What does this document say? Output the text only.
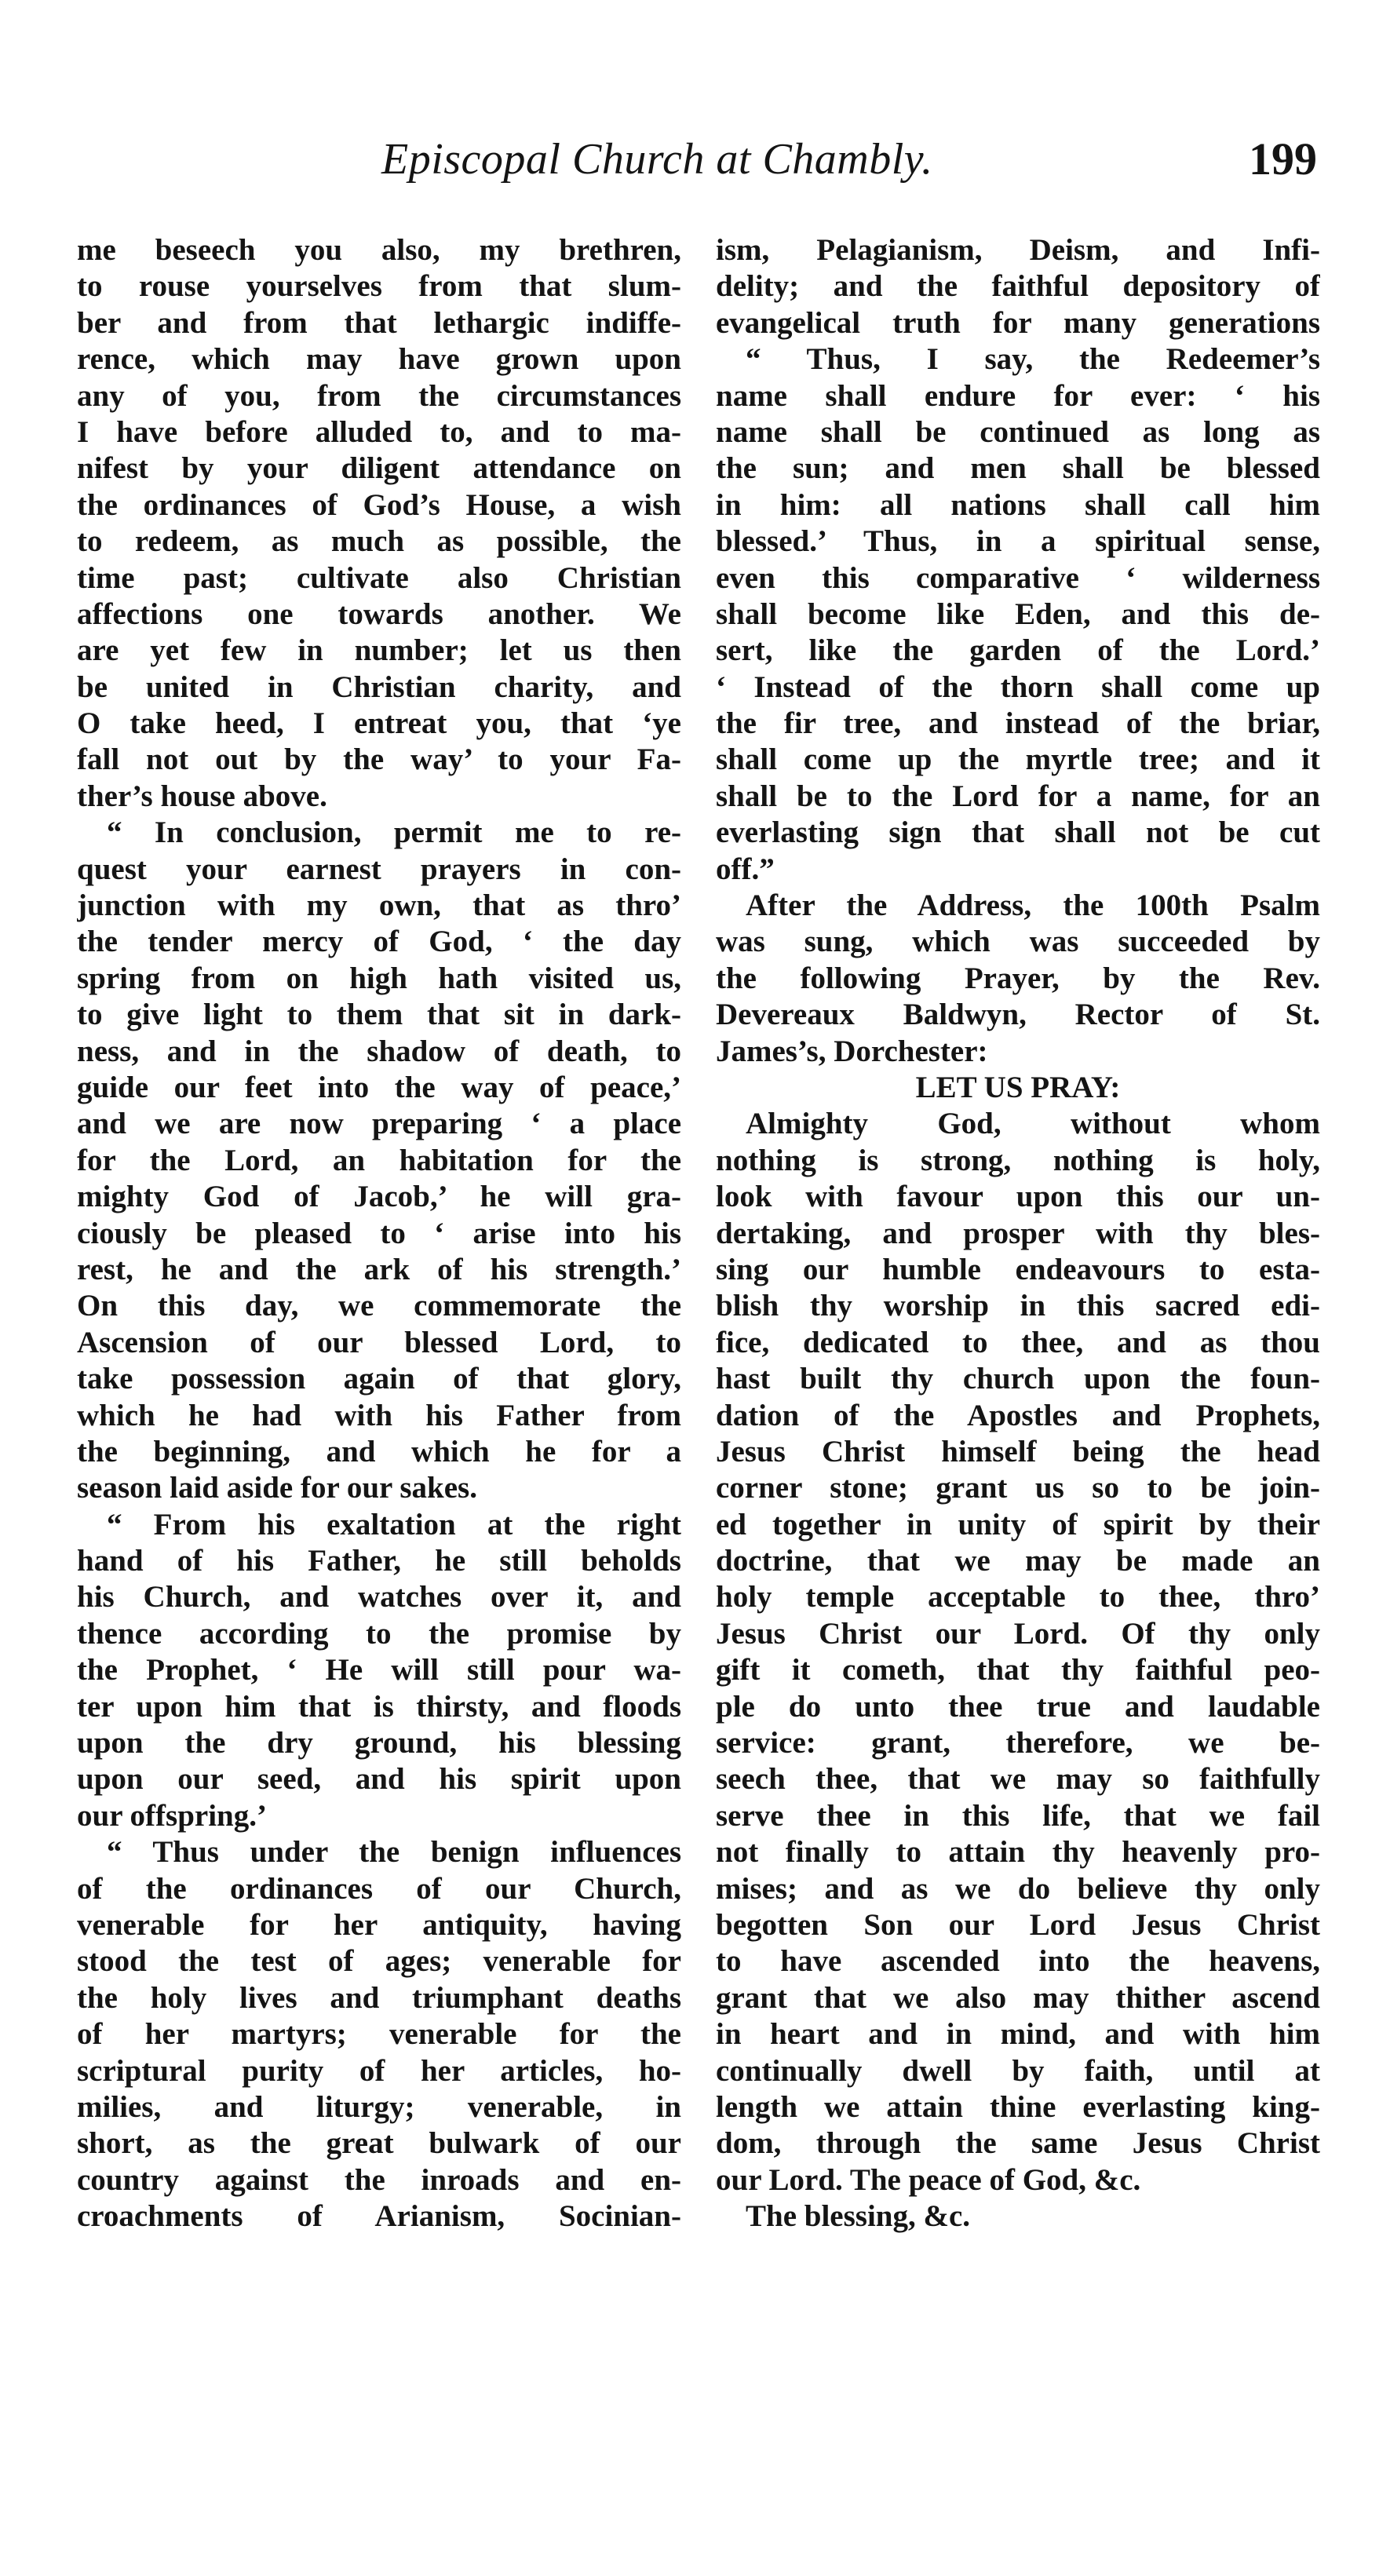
Episcopal Church at Chambly.	199
me beseech you also, my brethren,
to rouse yourselves from that slum-
ber and from that lethargic indiffe-
rence, which may have grown upon
any of you, from the circumstances
I have before alluded to, and to ma-
nifest by your diligent attendance on
the ordinances of God’s House, a wish
to redeem, as much as possible, the
time past; cultivate also Christian
affections one towards another. We
are yet few in number; let us then
be united in Christian charity, and
O take heed, I entreat you, that ‘ye
fall not out by the way’ to your Fa-
ther’s house above.
“ In conclusion, permit me to re-
quest your earnest prayers in con-
junction with my own, that as thro’
the tender mercy of God, ‘ the day
spring from on high hath visited us,
to give light to them that sit in dark-
ness, and in the shadow of death, to
guide our feet into the way of peace,’
and we are now preparing ‘ a place
for the Lord, an habitation for the
mighty God of Jacob,’ he will gra-
ciously be pleased to ‘ arise into his
rest, he and the ark of his strength.’
On this day, we commemorate the
Ascension of our blessed Lord, to
take possession again of that glory,
which he had with his Father from
the beginning, and which he for a
season laid aside for our sakes.
“ From his exaltation at the right
hand of his Father, he still beholds
his Church, and watches over it, and
thence according to the promise by
the Prophet, ‘ He will still pour wa-
ter upon him that is thirsty, and floods
upon the dry ground, his blessing
upon our seed, and his spirit upon
our offspring.’
“ Thus under the benign influences
of the ordinances of our Church,
venerable for her antiquity, having
stood the test of ages; venerable for
the holy lives and triumphant deaths
of her martyrs; venerable for the
scriptural purity of her articles, ho-
milies, and liturgy; venerable, in
short, as the great bulwark of our
country against the inroads and en-
croachments of Arianism, Socinian-
ism, Pelagianism, Deism, and Infi-
delity; and the faithful depository of
evangelical truth for many generations
“ Thus, I say, the Redeemer’s
name shall endure for ever: ‘ his
name shall be continued as long as
the sun; and men shall be blessed
in him: all nations shall call him
blessed.’ Thus, in a spiritual sense,
even this comparative ‘ wilderness
shall become like Eden, and this de-
sert, like the garden of the Lord.’
‘ Instead of the thorn shall come up
the fir tree, and instead of the briar,
shall come up the myrtle tree; and it
shall be to the Lord for a name, for an
everlasting sign that shall not be cut
off.”
After the Address, the 100th Psalm
was sung, which was succeeded by
the following Prayer, by the Rev.
Devereaux Baldwyn, Rector of St.
James’s, Dorchester:
LET US PRAY:
Almighty God, without whom
nothing is strong, nothing is holy,
look with favour upon this our un-
dertaking, and prosper with thy bles-
sing our humble endeavours to esta-
blish thy worship in this sacred edi-
fice, dedicated to thee, and as thou
hast built thy church upon the foun-
dation of the Apostles and Prophets,
Jesus Christ himself being the head
corner stone; grant us so to be join-
ed together in unity of spirit by their
doctrine, that we may be made an
holy temple acceptable to thee, thro’
Jesus Christ our Lord. Of thy only
gift it cometh, that thy faithful peo-
ple do unto thee true and laudable
service: grant, therefore, we be-
seech thee, that we may so faithfully
serve thee in this life, that we fail
not finally to attain thy heavenly pro-
mises; and as we do believe thy only
begotten Son our Lord Jesus Christ
to have ascended into the heavens,
grant that we also may thither ascend
in heart and in mind, and with him
continually dwell by faith, until at
length we attain thine everlasting king-
dom, through the same Jesus Christ
our Lord. The peace of God, &c.
The blessing, &c.
